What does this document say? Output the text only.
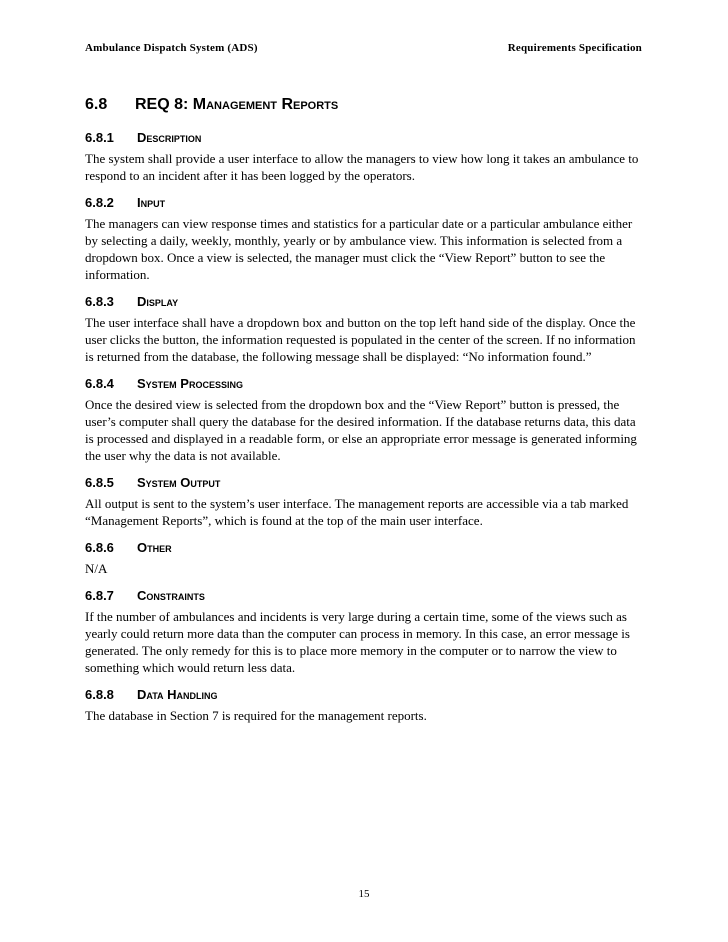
Ambulance Dispatch System (ADS)	Requirements Specification
6.8	REQ 8: Management Reports
6.8.1	Description

The system shall provide a user interface to allow the managers to view how long it takes an ambulance to respond to an incident after it has been logged by the operators.

6.8.2	Input

The managers can view response times and statistics for a particular date or a particular ambulance either by selecting a daily, weekly, monthly, yearly or by ambulance view. This information is selected from a dropdown box. Once a view is selected, the manager must click the “View Report” button to see the information.

6.8.3	Display

The user interface shall have a dropdown box and button on the top left hand side of the display. Once the user clicks the button, the information requested is populated in the center of the screen. If no information is returned from the database, the following message shall be displayed: “No information found.”

6.8.4	System Processing

Once the desired view is selected from the dropdown box and the “View Report” button is pressed, the user’s computer shall query the database for the desired information. If the database returns data, this data is processed and displayed in a readable form, or else an appropriate error message is generated informing the user why the data is not available.

6.8.5	System Output

All output is sent to the system’s user interface. The management reports are accessible via a tab marked “Management Reports”, which is found at the top of the main user interface.

6.8.6	Other

N/A

6.8.7	Constraints

If the number of ambulances and incidents is very large during a certain time, some of the views such as yearly could return more data than the computer can process in memory. In this case, an error message is generated. The only remedy for this is to place more memory in the computer or to narrow the view to something which would return less data.

6.8.8	Data Handling

The database in Section 7 is required for the management reports.

15
